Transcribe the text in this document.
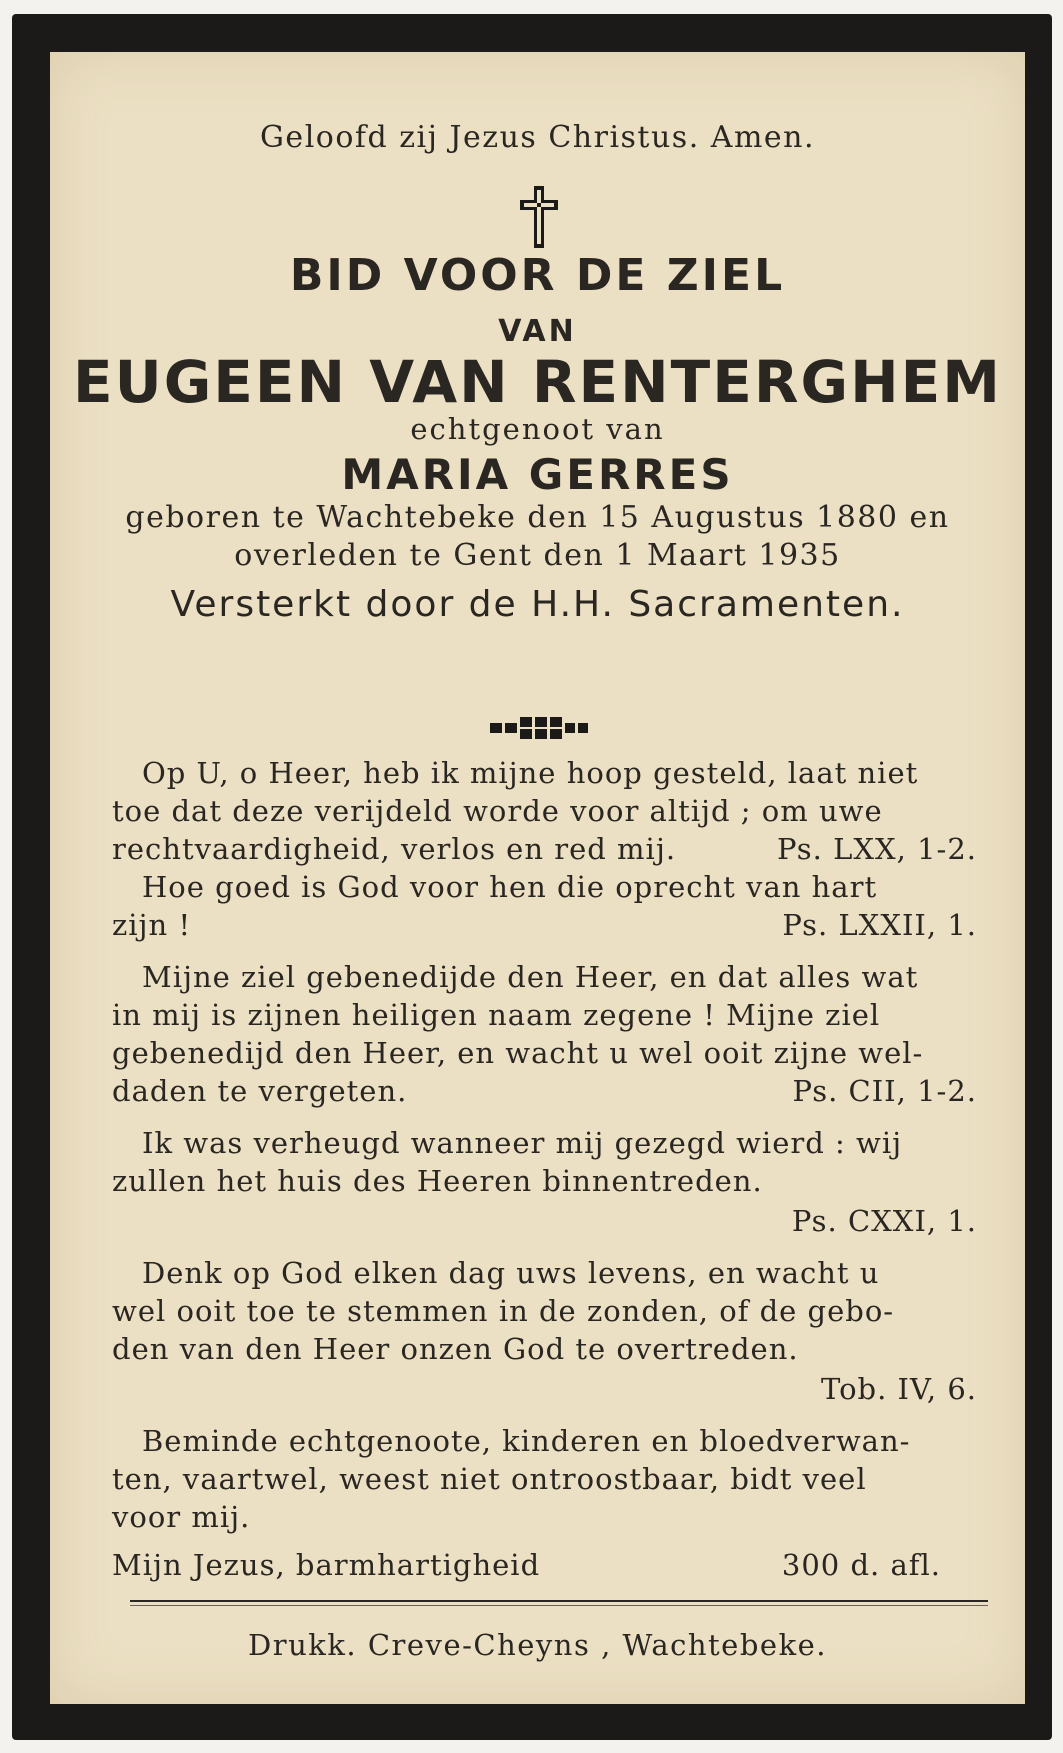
Geloofd zij Jezus Christus. Amen.
BID VOOR DE ZIEL
VAN
EUGEEN VAN RENTERGHEM
echtgenoot van
MARIA GERRES
geboren te Wachtebeke den 15 Augustus 1880 en
overleden te Gent den 1 Maart 1935
Versterkt door de H.H. Sacramenten.
Op U, o Heer, heb ik mijne hoop gesteld, laat niet
toe dat deze verijdeld worde voor altijd ; om uwe
rechtvaardigheid, verlos en red mij.	Ps. LXX, 1-2.
Hoe goed is God voor hen die oprecht van hart
zijn !	Ps. LXXII, 1.
Mijne ziel gebenedijde den Heer, en dat alles wat
in mij is zijnen heiligen naam zegene ! Mijne ziel
gebenedijd den Heer, en wacht u wel ooit zijne wel-
daden te vergeten.	Ps. CII, 1-2.
Ik was verheugd wanneer mij gezegd wierd : wij
zullen het huis des Heeren binnentreden.
Ps. CXXI, 1.
Denk op God elken dag uws levens, en wacht u
wel ooit toe te stemmen in de zonden, of de gebo-
den van den Heer onzen God te overtreden.
Tob. IV, 6.
Beminde echtgenoote, kinderen en bloedverwan-
ten, vaartwel, weest niet ontroostbaar, bidt veel
voor mij.
Mijn Jezus, barmhartigheid	300 d. afl.
Drukk. Creve-Cheyns , Wachtebeke.
